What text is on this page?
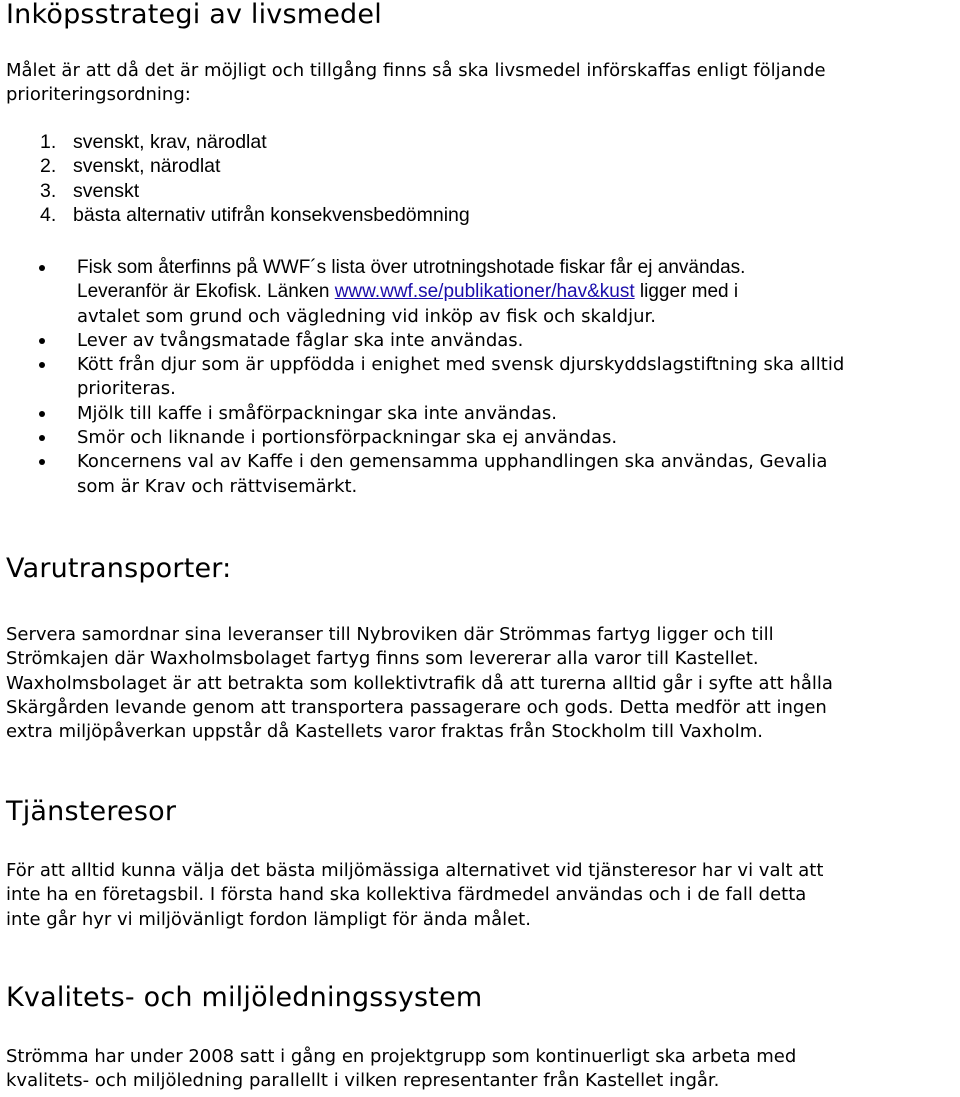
Inköpsstrategi av livsmedel

Målet är att då det är möjligt och tillgång finns så ska livsmedel införskaffas enligt följande
prioriteringsordning:

1. svenskt, krav, närodlat
2. svenskt, närodlat
3. svenskt
4. bästa alternativ utifrån konsekvensbedömning
Fisk som återfinns på WWF´s lista över utrotningshotade fiskar får ej användas.
Leveranför är Ekofisk. Länken www.wwf.se/publikationer/hav&kust ligger med i
avtalet som grund och vägledning vid inköp av fisk och skaldjur.
Lever av tvångsmatade fåglar ska inte användas.
Kött från djur som är uppfödda i enighet med svensk djurskyddslagstiftning ska alltid
prioriteras.
Mjölk till kaffe i småförpackningar ska inte användas.
Smör och liknande i portionsförpackningar ska ej användas.
Koncernens val av Kaffe i den gemensamma upphandlingen ska användas, Gevalia
som är Krav och rättvisemärkt.
Varutransporter:

Servera samordnar sina leveranser till Nybroviken där Strömmas fartyg ligger och till
Strömkajen där Waxholmsbolaget fartyg finns som levererar alla varor till Kastellet.
Waxholmsbolaget är att betrakta som kollektivtrafik då att turerna alltid går i syfte att hålla
Skärgården levande genom att transportera passagerare och gods. Detta medför att ingen
extra miljöpåverkan uppstår då Kastellets varor fraktas från Stockholm till Vaxholm.

Tjänsteresor

För att alltid kunna välja det bästa miljömässiga alternativet vid tjänsteresor har vi valt att
inte ha en företagsbil. I första hand ska kollektiva färdmedel användas och i de fall detta
inte går hyr vi miljövänligt fordon lämpligt för ända målet.

Kvalitets- och miljöledningssystem

Strömma har under 2008 satt i gång en projektgrupp som kontinuerligt ska arbeta med
kvalitets- och miljöledning parallellt i vilken representanter från Kastellet ingår.
